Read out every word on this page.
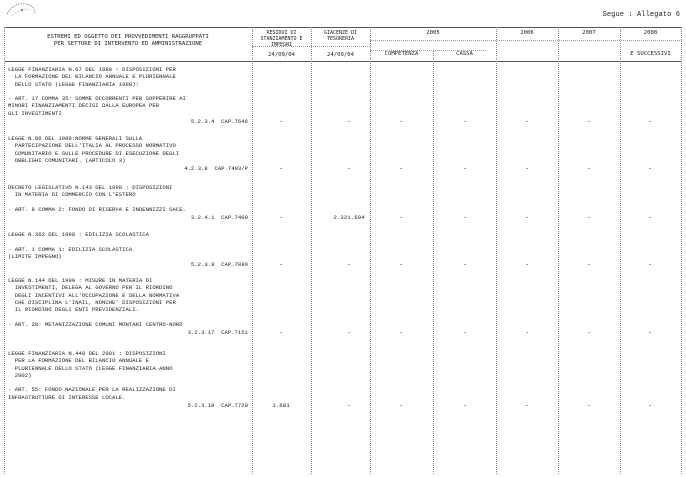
Segue : Allegato 6
ESTREMI ED OGGETTO DEI PROVVEDIMENTI RAGGRUPPATI
PER SETTORE DI INTERVENTO ED AMMINISTRAZIONE
RESIDUI DI
STANZIAMENTO E
IMPEGNI
24/09/04
GIACENZE DI
TESORERIA
24/09/04
2005
COMPETENZA	CASSA
2006	2007	2008
E SUCCESSIVI
LEGGE FINANZIARIA N.67 DEL 1988 : DISPOSIZIONI PER
LA FORMAZIONE DEL BILANCIO ANNUALE E PLURIENNALE
DELLO STATO (LEGGE FINANZIARIA 1988):
- ART. 17 COMMA 35: SOMME OCCORRENTI PER SOPPERIRE AI
MINORI FINANZIAMENTI DECISI DALLA EUROPEA PER
GLI INVESTIMENTI
5.2.3.4  CAP.7646	-	-	-	-	-	-	-
LEGGE N.86 DEL 1989:NORME GENERALI SULLA
PARTECIPAZIONE DELL'ITALIA AL PROCESSO NORMATIVO
COMUNITARIO E SULLE PROCEDURE DI ESECUZIONE DEGLI
OBBLIGHI COMUNITARI. (ARTICOLO 3)
4.2.3.8  CAP.7493/P	-	-	-	-	-	-	-
DECRETO LEGISLATIVO N.143 DEL 1998 : DISPOSIZIONI
IN MATERIA DI COMMERCIO CON L'ESTERO
- ART. 8 COMMA 2: FONDO DI RISERVA E INDENNIZZI SACE.
3.2.4.1  CAP.7400	-	2.321.694	-	-	-	-	-
LEGGE N.362 DEL 1998 : EDILIZIA SCOLASTICA
- ART. 1 COMMA 1: EDILIZIA SCOLASTICA
(LIMITE IMPEGNO)
5.2.3.9  CAP.7080	-	-	-	-	-	-	-
LEGGE N.144 DEL 1999 : MISURE IN MATERIA DI
INVESTIMENTI, DELEGA AL GOVERNO PER IL RIORDINO
DEGLI INCENTIVI ALL'OCCUPAZIONE E DELLA NORMATIVA
CHE DISCIPLINA L'INAIL, NONCHE' DISPOSIZIONI PER
IL RIORDINO DEGLI ENTI PREVIDENZIALI.
- ART. 28: METANIZZAZIONE COMUNI MONTANI CENTRO-NORD
3.2.3.17  CAP.7151	-	-	-	-	-	-	-
LEGGE FINANZIARIA N.448 DEL 2001 : DISPOSIZIONI
PER LA FORMAZIONE DEL BILANCIO ANNUALE E
PLURIENNALE DELLO STATO (LEGGE FINANZIARIA ANNO
2002)
- ART. 55: FONDO NAZIONALE PER LA REALIZZAZIONE DI
INFRASTRUTTURE DI INTERESSE LOCALE.
5.2.3.18  CAP.7720	1.681	-	-	-	-	-	-
